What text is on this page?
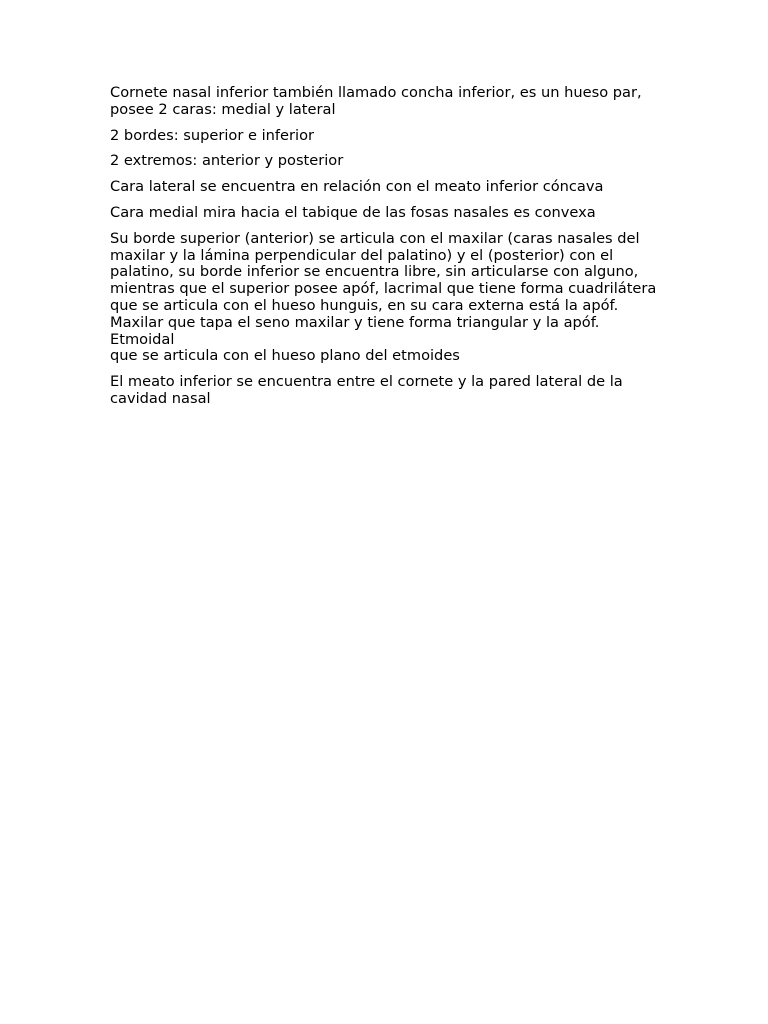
Cornete nasal inferior también llamado concha inferior, es un hueso par,
posee 2 caras: medial y lateral

2 bordes: superior e inferior

2 extremos: anterior y posterior

Cara lateral se encuentra en relación con el meato inferior cóncava

Cara medial mira hacia el tabique de las fosas nasales es convexa

Su borde superior (anterior) se articula con el maxilar (caras nasales del
maxilar y la lámina perpendicular del palatino) y el (posterior) con el
palatino, su borde inferior se encuentra libre, sin articularse con alguno,
mientras que el superior posee apóf, lacrimal que tiene forma cuadrilátera
que se articula con el hueso hunguis, en su cara externa está la apóf.
Maxilar que tapa el seno maxilar y tiene forma triangular y la apóf. Etmoidal
que se articula con el hueso plano del etmoides

El meato inferior se encuentra entre el cornete y la pared lateral de la
cavidad nasal
